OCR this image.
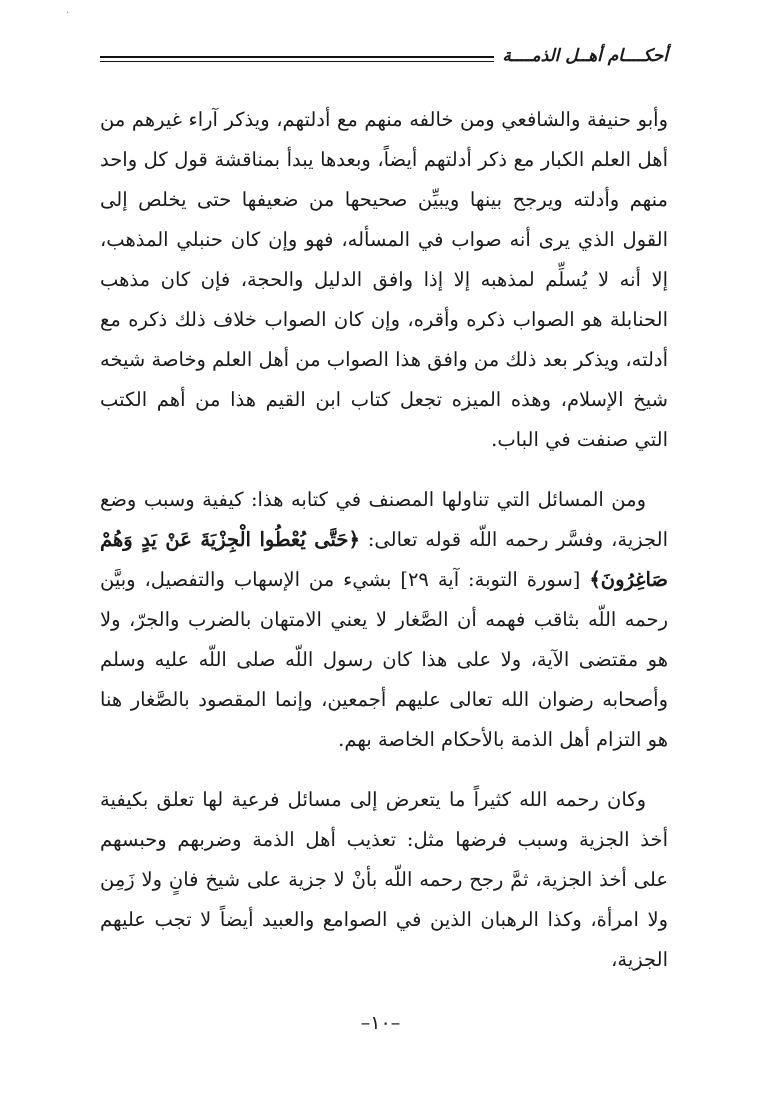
·
أحكــــام أهــل الذمــــة

وأبو حنيفة والشافعي ومن خالفه منهم مع أدلتهم، ويذكر آراء غيرهم من أهل العلم الكبار مع ذكر أدلتهم أيضاً، وبعدها يبدأ بمناقشة قول كل واحد منهم وأدلته ويرجح بينها ويبيِّن صحيحها من ضعيفها حتى يخلص إلى القول الذي يرى أنه صواب في المسأله، فهو وإن كان حنبلي المذهب، إلا أنه لا يُسلِّم لمذهبه إلا إذا وافق الدليل والحجة، فإن كان مذهب الحنابلة هو الصواب ذكره وأقره، وإن كان الصواب خلاف ذلك ذكره مع أدلته، ويذكر بعد ذلك من وافق هذا الصواب من أهل العلم وخاصة شيخه شيخ الإسلام، وهذه الميزه تجعل كتاب ابن القيم هذا من أهم الكتب التي صنفت في الباب.

ومن المسائل التي تناولها المصنف في كتابه هذا: كيفية وسبب وضع الجزية، وفسَّر رحمه اللّه قوله تعالى: ﴿حَتَّى يُعْطُوا الْجِزْيَةَ عَنْ يَدٍ وَهُمْ صَاغِرُونَ﴾ [سورة التوبة: آية ٢٩] بشيء من الإسهاب والتفصيل، وبيَّن رحمه اللّه بثاقب فهمه أن الصَّغار لا يعني الامتهان بالضرب والجرّ، ولا هو مقتضى الآية، ولا على هذا كان رسول اللّه صلى اللّه عليه وسلم وأصحابه رضوان الله تعالى عليهم أجمعين، وإنما المقصود بالصَّغار هنا هو التزام أهل الذمة بالأحكام الخاصة بهم.

وكان رحمه الله كثيراً ما يتعرض إلى مسائل فرعية لها تعلق بكيفية أخذ الجزية وسبب فرضها مثل: تعذيب أهل الذمة وضربهم وحبسهم على أخذ الجزية، ثمَّ رجح رحمه اللّه بأنْ لا جزية على شيخ فانٍ ولا زَمِن ولا امرأة، وكذا الرهبان الذين في الصوامع والعبيد أيضاً لا تجب عليهم الجزية،

–١٠–
